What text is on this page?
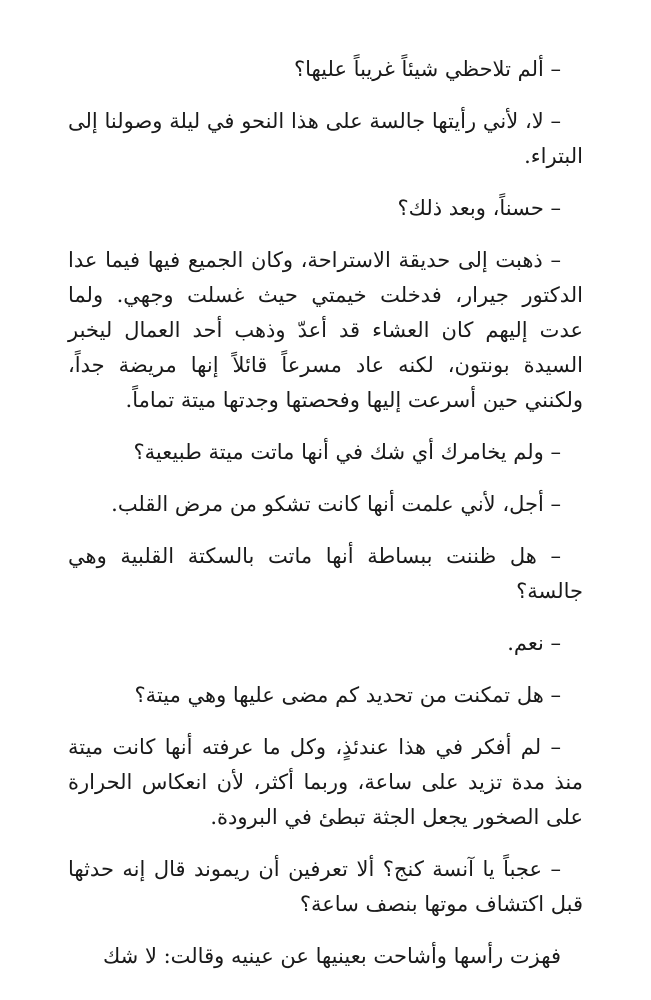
– ألم تلاحظي شيئاً غريباً عليها؟

– لا، لأني رأيتها جالسة على هذا النحو في ليلة وصولنا إلى البتراء.

– حسناً، وبعد ذلك؟

– ذهبت إلى حديقة الاستراحة، وكان الجميع فيها فيما عدا الدكتور جيرار، فدخلت خيمتي حيث غسلت وجهي. ولما عدت إليهم كان العشاء قد أعدّ وذهب أحد العمال ليخبر السيدة بونتون، لكنه عاد مسرعاً قائلاً إنها مريضة جداً، ولكنني حين أسرعت إليها وفحصتها وجدتها ميتة تماماً.

– ولم يخامرك أي شك في أنها ماتت ميتة طبيعية؟

– أجل، لأني علمت أنها كانت تشكو من مرض القلب.

– هل ظننت ببساطة أنها ماتت بالسكتة القلبية وهي جالسة؟

– نعم.

– هل تمكنت من تحديد كم مضى عليها وهي ميتة؟

– لم أفكر في هذا عندئذٍ، وكل ما عرفته أنها كانت ميتة منذ مدة تزيد على ساعة، وربما أكثر، لأن انعكاس الحرارة على الصخور يجعل الجثة تبطئ في البرودة.

– عجباً يا آنسة كنج؟ ألا تعرفين أن ريموند قال إنه حدثها قبل اكتشاف موتها بنصف ساعة؟

فهزت رأسها وأشاحت بعينيها عن عينيه وقالت: لا شك
